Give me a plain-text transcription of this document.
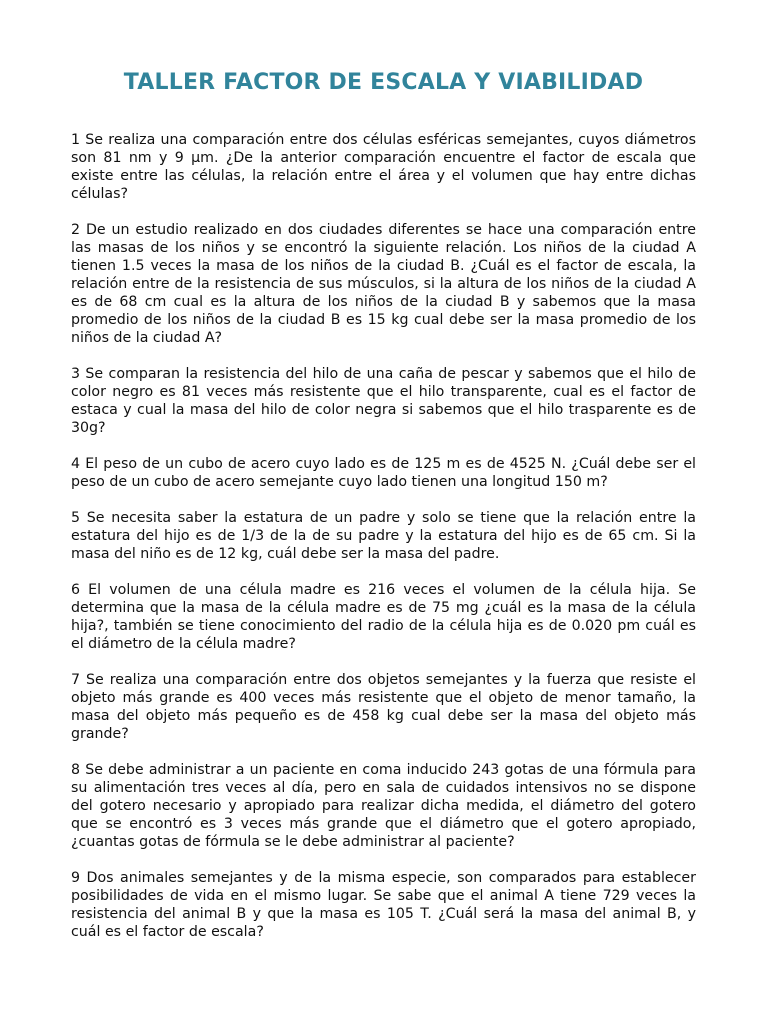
TALLER FACTOR DE ESCALA Y VIABILIDAD

1 Se realiza una comparación entre dos células esféricas semejantes, cuyos diámetros son 81 nm y 9 µm. ¿De la anterior comparación encuentre el factor de escala que existe entre las células, la relación entre el área y el volumen que hay entre dichas células?

2 De un estudio realizado en dos ciudades diferentes se hace una comparación entre las masas de los niños y se encontró la siguiente relación. Los niños de la ciudad A tienen 1.5 veces la masa de los niños de la ciudad B. ¿Cuál es el factor de escala, la relación entre de la resistencia de sus músculos, si la altura de los niños de la ciudad A es de 68 cm cual es la altura de los niños de la ciudad B y sabemos que la masa promedio de los niños de la ciudad B es 15 kg cual debe ser la masa promedio de los niños de la ciudad A?

3 Se comparan la resistencia del hilo de una caña de pescar y sabemos que el hilo de color negro es 81 veces más resistente que el hilo transparente, cual es el factor de estaca y cual la masa del hilo de color negra si sabemos que el hilo trasparente es de 30g?

4 El peso de un cubo de acero cuyo lado es de 125 m es de 4525 N. ¿Cuál debe ser el peso de un cubo de acero semejante cuyo lado tienen una longitud 150 m?

5 Se necesita saber la estatura de un padre y solo se tiene que la relación entre la estatura del hijo es de 1/3 de la de su padre y la estatura del hijo es de 65 cm. Si la masa del niño es de 12 kg, cuál debe ser la masa del padre.

6 El volumen de una célula madre es 216 veces el volumen de la célula hija. Se determina que la masa de la célula madre es de 75 mg ¿cuál es la masa de la célula hija?, también se tiene conocimiento del radio de la célula hija es de 0.020 pm cuál es el diámetro de la célula madre?

7 Se realiza una comparación entre dos objetos semejantes y la fuerza que resiste el objeto más grande es 400 veces más resistente que el objeto de menor tamaño, la masa del objeto más pequeño es de 458 kg cual debe ser la masa del objeto más grande?

8 Se debe administrar a un paciente en coma inducido 243 gotas de una fórmula para su alimentación tres veces al día, pero en sala de cuidados intensivos no se dispone del gotero necesario y apropiado para realizar dicha medida, el diámetro del gotero que se encontró es 3 veces más grande que el diámetro que el gotero apropiado, ¿cuantas gotas de fórmula se le debe administrar al paciente?

9 Dos animales semejantes y de la misma especie, son comparados para establecer posibilidades de vida en el mismo lugar. Se sabe que el animal A tiene 729 veces la resistencia del animal B y que la masa es 105 T. ¿Cuál será la masa del animal B, y cuál es el factor de escala?
